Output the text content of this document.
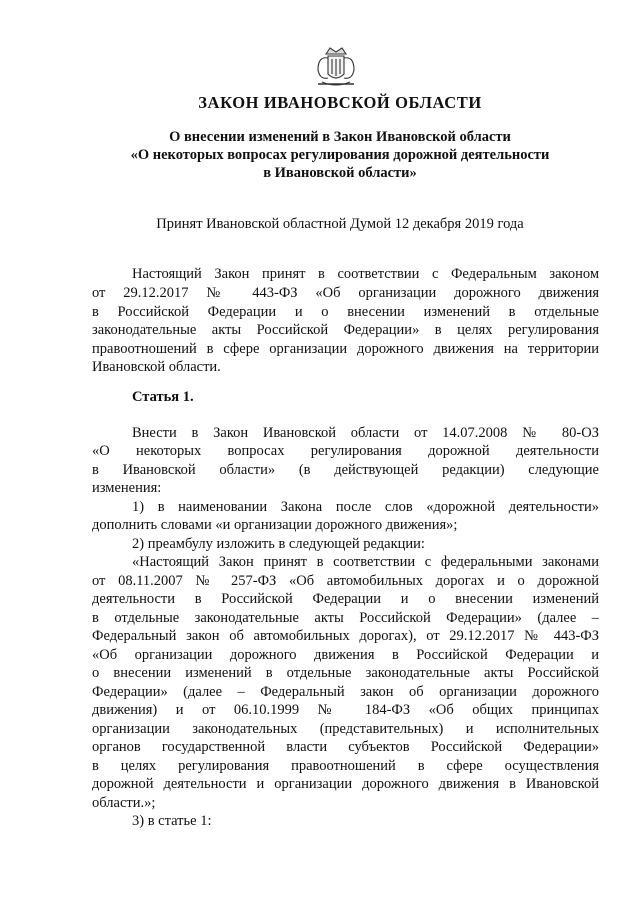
ЗАКОН ИВАНОВСКОЙ ОБЛАСТИ
О внесении изменений в Закон Ивановской области
«О некоторых вопросах регулирования дорожной деятельности
в Ивановской области»
Принят Ивановской областной Думой 12 декабря 2019 года
Настоящий Закон принят в соответствии с Федеральным законом
от 29.12.2017 № 443-ФЗ «Об организации дорожного движения
в Российской Федерации и о внесении изменений в отдельные
законодательные акты Российской Федерации» в целях регулирования
правоотношений в сфере организации дорожного движения на территории
Ивановской области.
Статья 1.
Внести в Закон Ивановской области от 14.07.2008 № 80-ОЗ
«О некоторых вопросах регулирования дорожной деятельности
в Ивановской области» (в действующей редакции) следующие
изменения:
1) в наименовании Закона после слов «дорожной деятельности»
дополнить словами «и организации дорожного движения»;
2) преамбулу изложить в следующей редакции:
«Настоящий Закон принят в соответствии с федеральными законами
от 08.11.2007 № 257-ФЗ «Об автомобильных дорогах и о дорожной
деятельности в Российской Федерации и о внесении изменений
в отдельные законодательные акты Российской Федерации» (далее –
Федеральный закон об автомобильных дорогах), от 29.12.2017 № 443-ФЗ
«Об организации дорожного движения в Российской Федерации и
о внесении изменений в отдельные законодательные акты Российской
Федерации» (далее – Федеральный закон об организации дорожного
движения) и от 06.10.1999 № 184-ФЗ «Об общих принципах
организации законодательных (представительных) и исполнительных
органов государственной власти субъектов Российской Федерации»
в целях регулирования правоотношений в сфере осуществления
дорожной деятельности и организации дорожного движения в Ивановской
области.»;
3) в статье 1:
